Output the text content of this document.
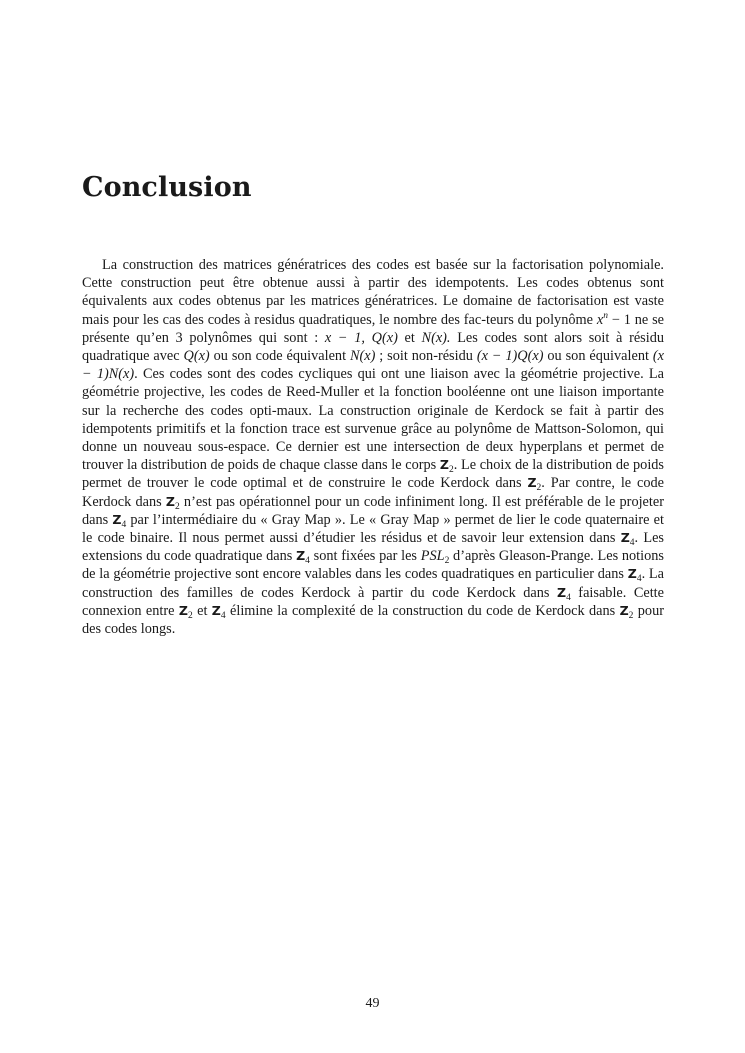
Conclusion

La construction des matrices génératrices des codes est basée sur la factorisation polynomiale. Cette construction peut être obtenue aussi à partir des idempotents. Les codes obtenus sont équivalents aux codes obtenus par les matrices génératrices. Le domaine de factorisation est vaste mais pour les cas des codes à residus quadratiques, le nombre des fac-teurs du polynôme $x^n - 1$ ne se présente qu’en 3 polynômes qui sont : x − 1, Q(x) et N(x). Les codes sont alors soit à résidu quadratique avec Q(x) ou son code équivalent N(x) ; soit non-résidu (x − 1)Q(x) ou son équivalent (x − 1)N(x). Ces codes sont des codes cycliques qui ont une liaison avec la géométrie projective. La géométrie projective, les codes de Reed-Muller et la fonction booléenne ont une liaison importante sur la recherche des codes opti-maux. La construction originale de Kerdock se fait à partir des idempotents primitifs et la fonction trace est survenue grâce au polynôme de Mattson-Solomon, qui donne un nouveau sous-espace. Ce dernier est une intersection de deux hyperplans et permet de trouver la distribution de poids de chaque classe dans le corps $Z_2$. Le choix de la distribution de poids permet de trouver le code optimal et de construire le code Kerdock dans $Z_2$. Par contre, le code Kerdock dans $Z_2$ n’est pas opérationnel pour un code infiniment long. Il est préférable de le projeter dans $Z_4$ par l’intermédiaire du « Gray Map ». Le « Gray Map » permet de lier le code quaternaire et le code binaire. Il nous permet aussi d’étudier les résidus et de savoir leur extension dans $Z_4$. Les extensions du code quadratique dans $Z_4$ sont fixées par les $PSL_2$ d’après Gleason-Prange. Les notions de la géométrie projective sont encore valables dans les codes quadratiques en particulier dans $Z_4$. La construction des familles de codes Kerdock à partir du code Kerdock dans $Z_4$ faisable. Cette connexion entre $Z_2$ et $Z_4$ élimine la complexité de la construction du code de Kerdock dans $Z_2$ pour des codes longs.

49
